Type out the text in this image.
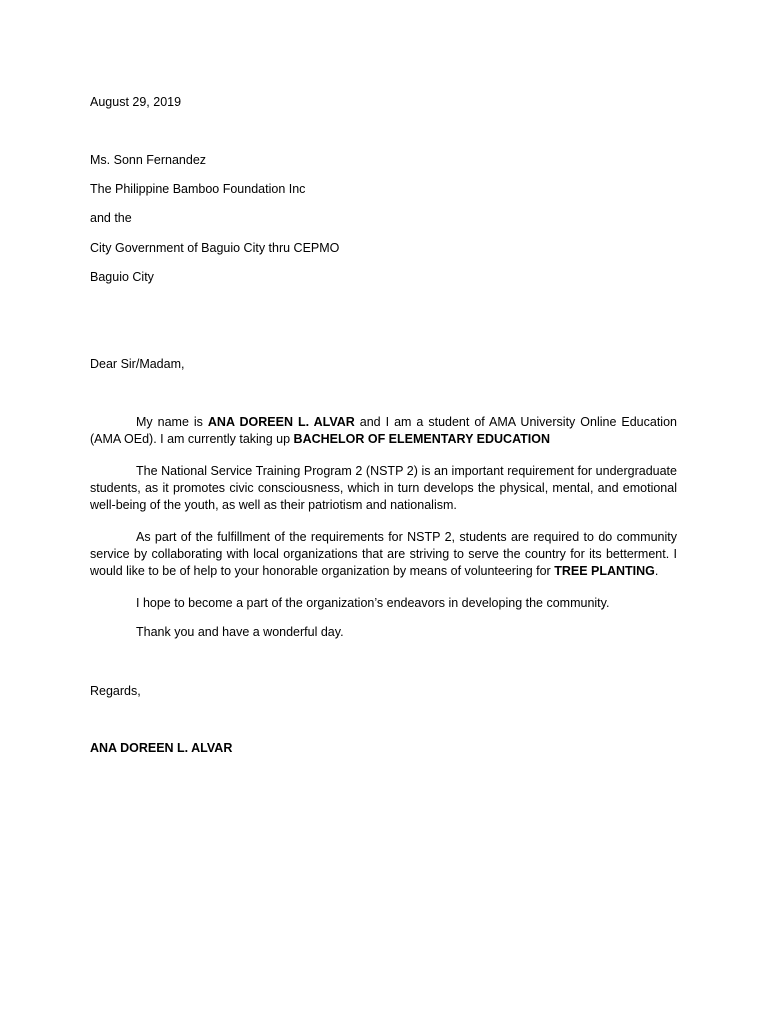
August 29, 2019
Ms. Sonn Fernandez
The Philippine Bamboo Foundation Inc
and the
City Government of Baguio City thru CEPMO
Baguio City
Dear Sir/Madam,

My name is ANA DOREEN L. ALVAR and I am a student of AMA University Online Education (AMA OEd). I am currently taking up BACHELOR OF ELEMENTARY EDUCATION

The National Service Training Program 2 (NSTP 2) is an important requirement for undergraduate students, as it promotes civic consciousness, which in turn develops the physical, mental, and emotional well-being of the youth, as well as their patriotism and nationalism.

As part of the fulfillment of the requirements for NSTP 2, students are required to do community service by collaborating with local organizations that are striving to serve the country for its betterment. I would like to be of help to your honorable organization by means of volunteering for TREE PLANTING.

I hope to become a part of the organization’s endeavors in developing the community.

Thank you and have a wonderful day.

Regards,
ANA DOREEN L. ALVAR
